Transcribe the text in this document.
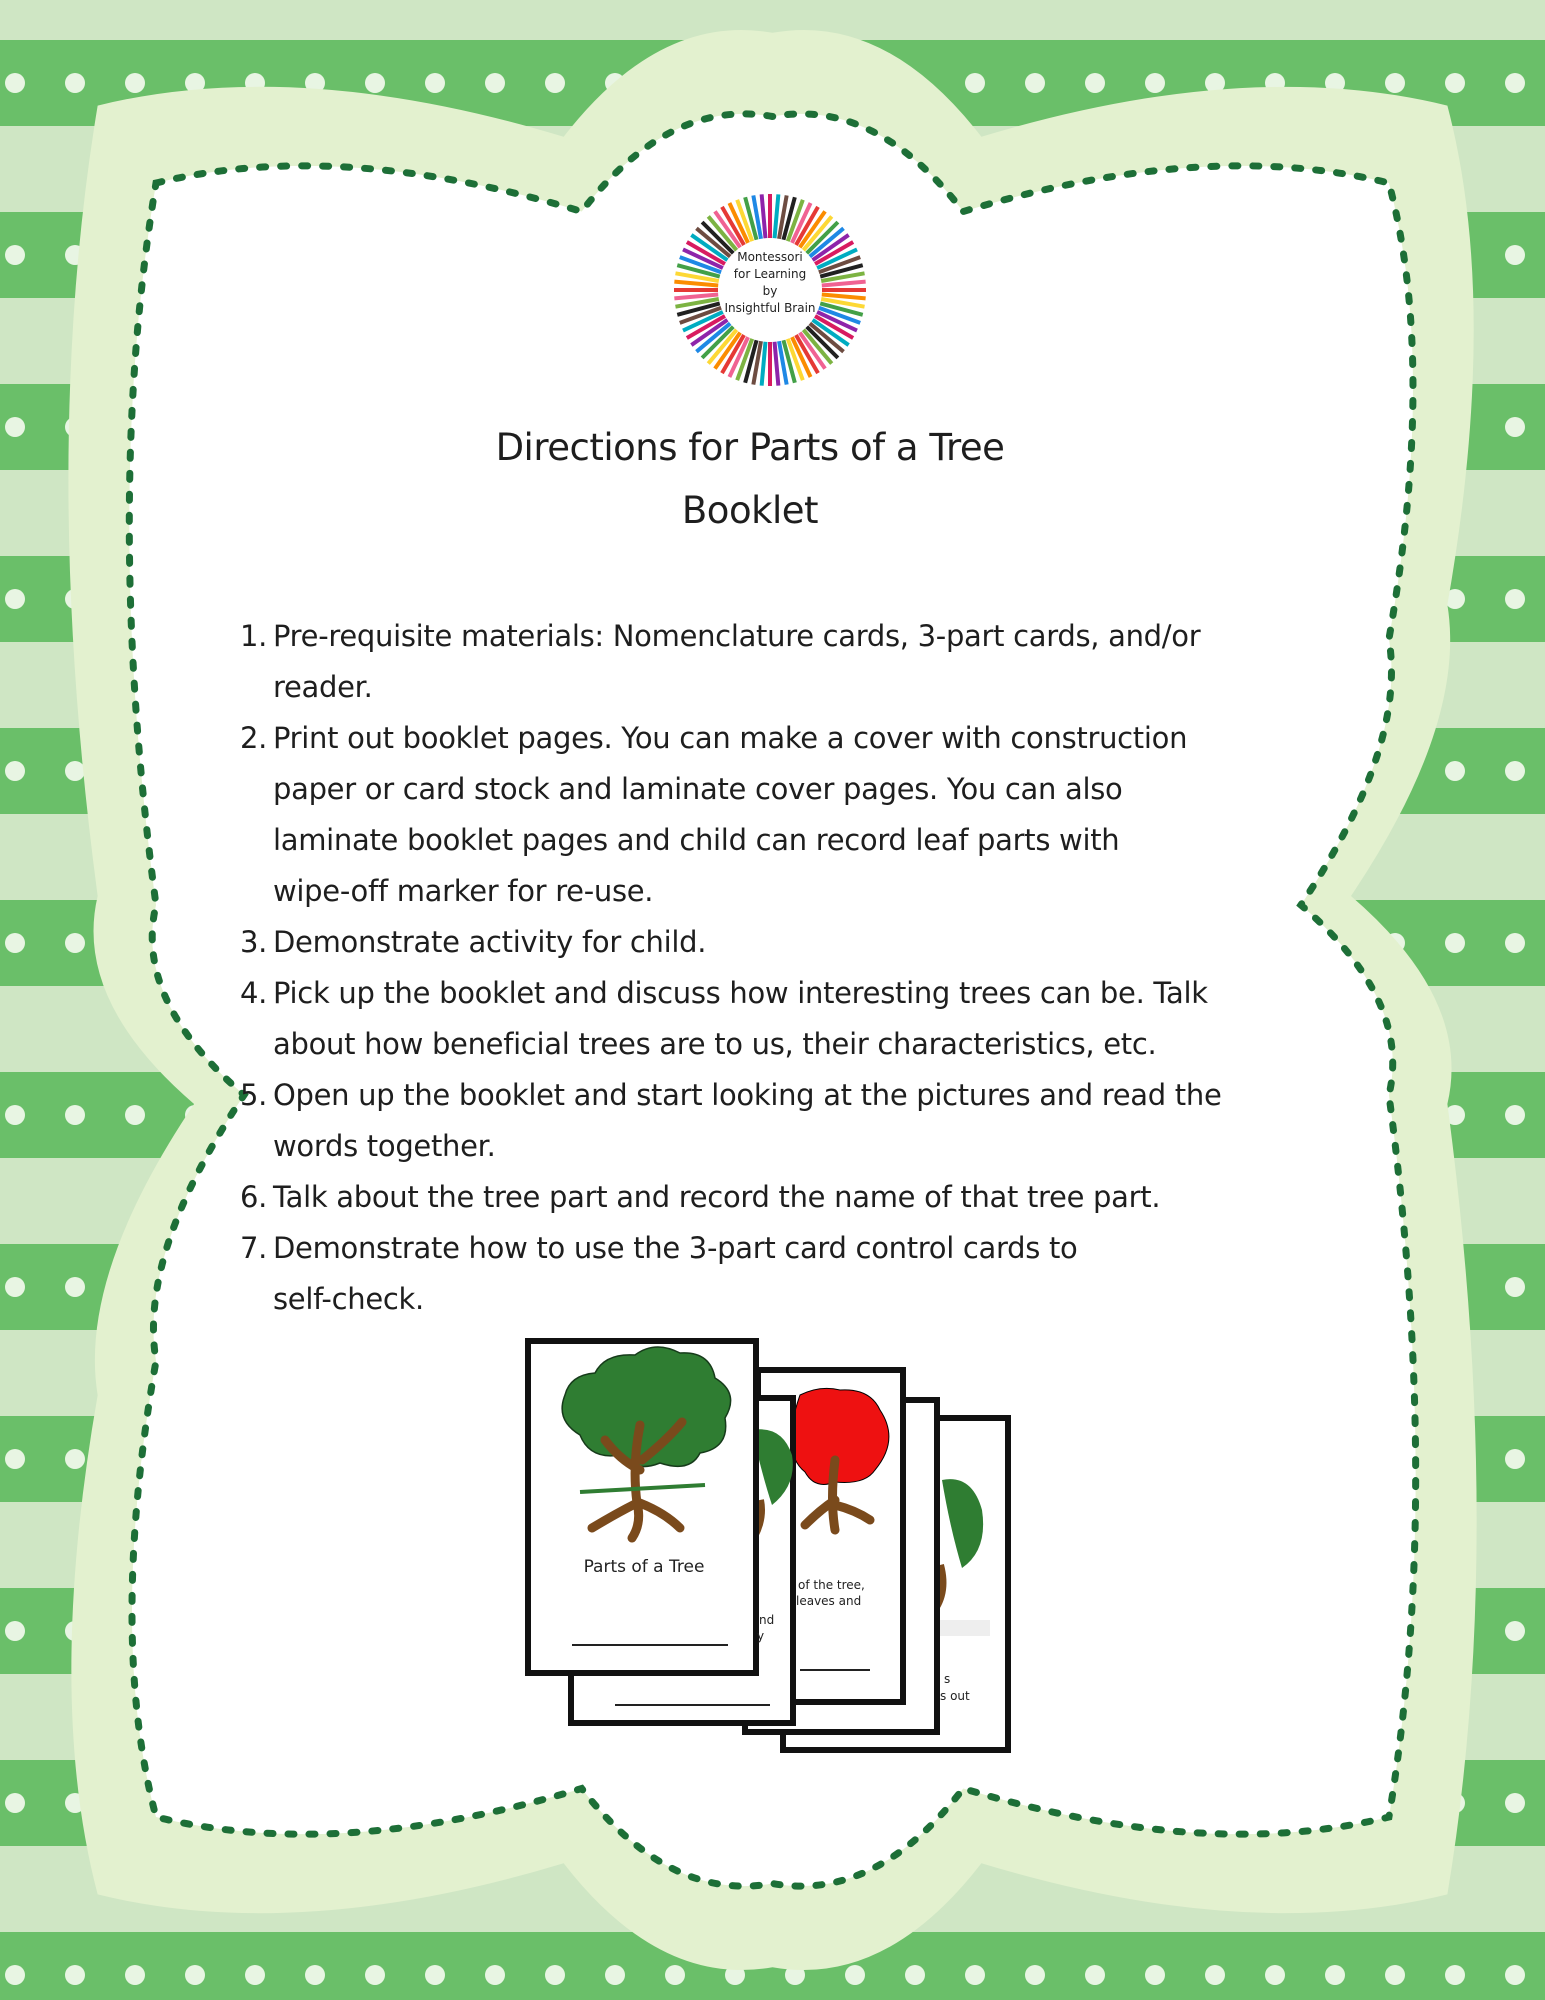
Montessori
for Learning
by
Insightful Brain
Directions for Parts of a Tree
Booklet
1. Pre-requisite materials: Nomenclature cards, 3-part cards, and/or
reader.
2. Print out booklet pages. You can make a cover with construction
paper or card stock and laminate cover pages. You can also
laminate booklet pages and child can record leaf parts with
wipe-off marker for re-use.
3. Demonstrate activity for child.
4. Pick up the booklet and discuss how interesting trees can be. Talk
about how beneficial trees are to us, their characteristics, etc.
5. Open up the booklet and start looking at the pictures and read the
words together.
6. Talk about the tree part and record the name of that tree part.
7. Demonstrate how to use the 3-part card control cards to
self-check.
Parts of a Tree
nd
y
of the tree,
leaves and
s
s out
